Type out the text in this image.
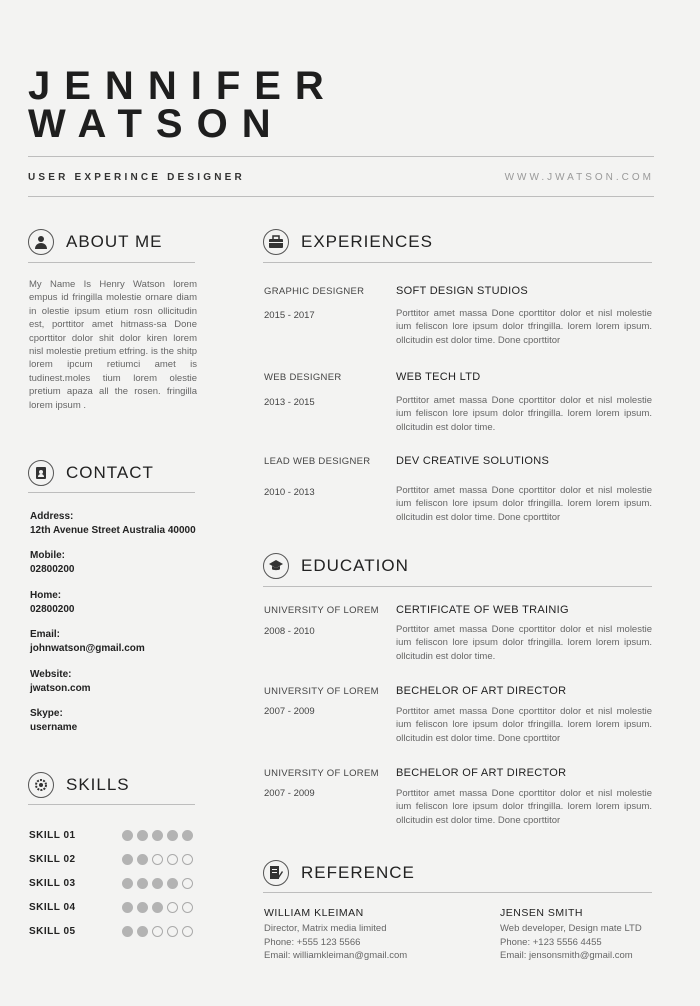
JENNIFER
WATSON
USER EXPERINCE DESIGNER	WWW.JWATSON.COM
ABOUT ME
My Name Is Henry Watson lorem empus id fringilla molestie ornare diam in olestie ipsum etium rosn ollicitudin est, porttitor amet hitmass-sa Done cporttitor dolor shit dolor kiren lorem nisl molestie pretium etfring. is the shitp lorem ipcum retiumci amet is tudinest.moles tium lorem olestie pretium apaza all the rosen. fringilla lorem ipsum .
CONTACT
Address:
12th Avenue Street Australia 40000
Mobile:
02800200
Home:
02800200
Email:
johnwatson@gmail.com
Website:
jwatson.com
Skype:
username
SKILLS
SKILL 01
SKILL 02
SKILL 03
SKILL 04
SKILL 05
EXPERIENCES
GRAPHIC DESIGNER
2015 - 2017
SOFT DESIGN STUDIOS
Porttitor amet massa Done cporttitor dolor et nisl molestie ium feliscon lore ipsum dolor tfringilla. lorem lorem ipsum. ollcitudin est dolor time. Done cporttitor
WEB DESIGNER
2013 - 2015
WEB TECH LTD
Porttitor amet massa Done cporttitor dolor et nisl molestie ium feliscon lore ipsum dolor tfringilla. lorem lorem ipsum. ollcitudin est dolor time.
LEAD WEB DESIGNER
2010 - 2013
DEV CREATIVE SOLUTIONS
Porttitor amet massa Done cporttitor dolor et nisl molestie ium feliscon lore ipsum dolor tfringilla. lorem lorem ipsum. ollcitudin est dolor time. Done cporttitor
EDUCATION
UNIVERSITY OF LOREM
2008 - 2010
CERTIFICATE OF WEB TRAINIG
Porttitor amet massa Done cporttitor dolor et nisl molestie ium feliscon lore ipsum dolor tfringilla. lorem lorem ipsum. ollcitudin est dolor time.
UNIVERSITY OF LOREM
2007 - 2009
BECHELOR OF ART DIRECTOR
Porttitor amet massa Done cporttitor dolor et nisl molestie ium feliscon lore ipsum dolor tfringilla. lorem lorem ipsum. ollcitudin est dolor time. Done cporttitor
UNIVERSITY OF LOREM
2007 - 2009
BECHELOR OF ART DIRECTOR
Porttitor amet massa Done cporttitor dolor et nisl molestie ium feliscon lore ipsum dolor tfringilla. lorem lorem ipsum. ollcitudin est dolor time. Done cporttitor
REFERENCE
WILLIAM KLEIMAN
Director, Matrix media limited
Phone: +555 123 5566
Email: williamkleiman@gmail.com
JENSEN SMITH
Web developer, Design mate LTD
Phone: +123 5556 4455
Email: jensonsmith@gmail.com
